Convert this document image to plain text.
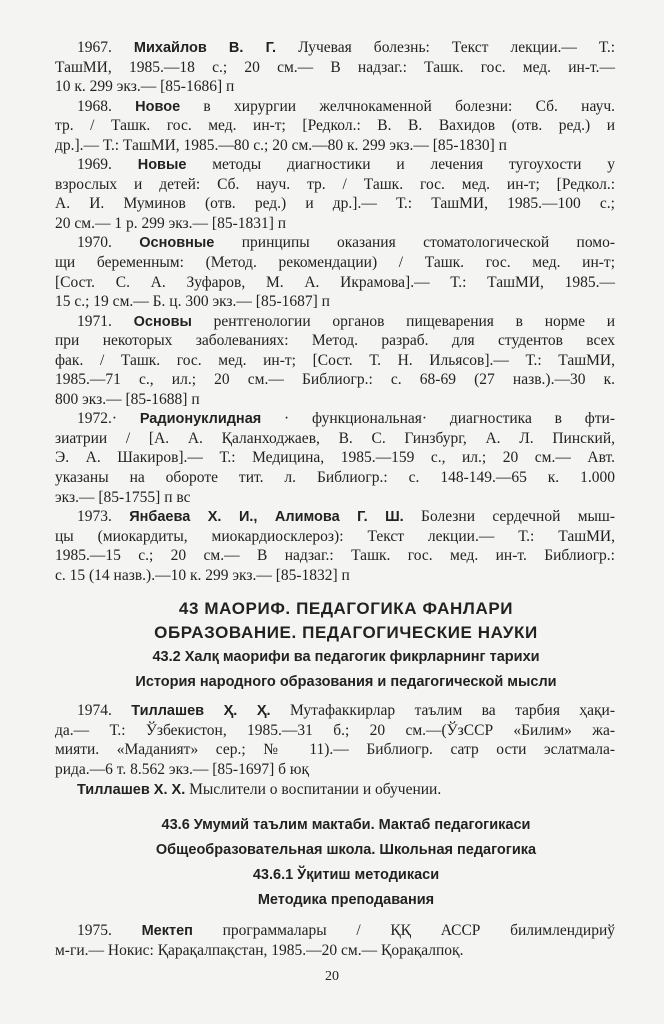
1967. Михайлов В. Г. Лучевая болезнь: Текст лекции.— Т.:
ТашМИ, 1985.—18 с.; 20 см.— В надзаг.: Ташк. гос. мед. ин-т.—
10 к. 299 экз.— [85-1686] п
1968. Новое в хирургии желчнокаменной болезни: Сб. науч.
тр. / Ташк. гос. мед. ин-т; [Редкол.: В. В. Вахидов (отв. ред.) и
др.].— Т.: ТашМИ, 1985.—80 с.; 20 см.—80 к. 299 экз.— [85-1830] п
1969. Новые методы диагностики и лечения тугоухости у
взрослых и детей: Сб. науч. тр. / Ташк. гос. мед. ин-т; [Редкол.:
А. И. Муминов (отв. ред.) и др.].— Т.: ТашМИ, 1985.—100 с.;
20 см.— 1 р. 299 экз.— [85-1831] п
1970. Основные принципы оказания стоматологической помо-
щи беременным: (Метод. рекомендации) / Ташк. гос. мед. ин-т;
[Сост. С. А. Зуфаров, М. А. Икрамова].— Т.: ТашМИ, 1985.—
15 с.; 19 см.— Б. ц. 300 экз.— [85-1687] п
1971. Основы рентгенологии органов пищеварения в норме и
при некоторых заболеваниях: Метод. разраб. для студентов всех
фак. / Ташк. гос. мед. ин-т; [Сост. Т. Н. Ильясов].— Т.: ТашМИ,
1985.—71 с., ил.; 20 см.— Библиогр.: с. 68-69 (27 назв.).—30 к.
800 экз.— [85-1688] п
1972.· Радионуклидная · функциональная· диагностика в фти-
зиатрии / [А. А. Қаланходжаев, В. С. Гинзбург, А. Л. Пинский,
Э. А. Шакиров].— Т.: Медицина, 1985.—159 с., ил.; 20 см.— Авт.
указаны на обороте тит. л. Библиогр.: с. 148-149.—65 к. 1.000
экз.— [85-1755] п вс
1973. Янбаева Х. И., Алимова Г. Ш. Болезни сердечной мыш-
цы (миокардиты, миокардиосклероз): Текст лекции.— Т.: ТашМИ,
1985.—15 с.; 20 см.— В надзаг.: Ташк. гос. мед. ин-т. Библиогр.:
с. 15 (14 назв.).—10 к. 299 экз.— [85-1832] п
43 МАОРИФ. ПЕДАГОГИКА ФАНЛАРИ
ОБРАЗОВАНИЕ. ПЕДАГОГИЧЕСКИЕ НАУКИ
43.2 Халқ маорифи ва педагогик фикрларнинг тарихи
История народного образования и педагогической мысли
1974. Тиллашев Ҳ. Ҳ. Мутафаккирлар таълим ва тарбия ҳақи-
да.— Т.: Ўзбекистон, 1985.—31 б.; 20 см.—(ЎзССР «Билим» жа-
мияти. «Маданият» сер.; № 11).— Библиогр. сатр ости эслатмала-
рида.—6 т. 8.562 экз.— [85-1697] б юқ
Тиллашев Х. Х. Мыслители о воспитании и обучении.
43.6 Умумий таълим мактаби. Мактаб педагогикаси
Общеобразовательная школа. Школьная педагогика
43.6.1 Ўқитиш методикаси
Методика преподавания
1975. Мектеп программалары / ҚҚ АССР билимлендириў
м-ги.— Нокис: Қарақалпақстан, 1985.—20 см.— Қорақалпоқ.
20
